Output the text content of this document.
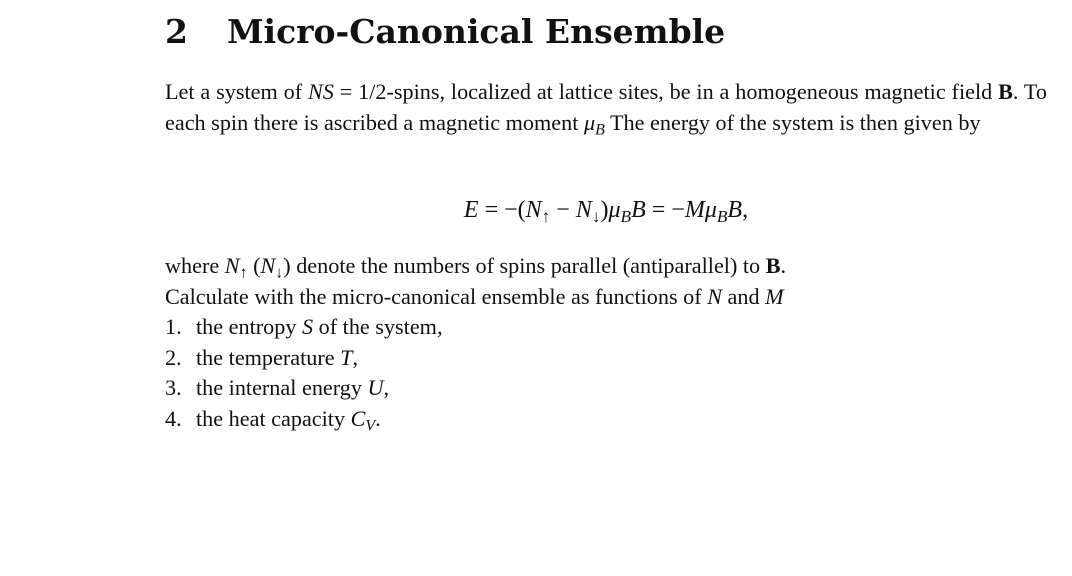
2 Micro-Canonical Ensemble

Let a system of NS = 1/2-spins, localized at lattice sites, be in a homogeneous magnetic field B. To each spin there is ascribed a magnetic moment $\mu_B$ The energy of the system is then given by

$E = -(N_↑ - N_↓)\mu_BB = -M\mu_BB$,

where $N_↑$ $(N_↓)$ denote the numbers of spins parallel (antiparallel) to B.
Calculate with the micro-canonical ensemble as functions of N and M

1. the entropy S of the system,
2. the temperature T,
3. the internal energy U,
4. the heat capacity $C_V$.
